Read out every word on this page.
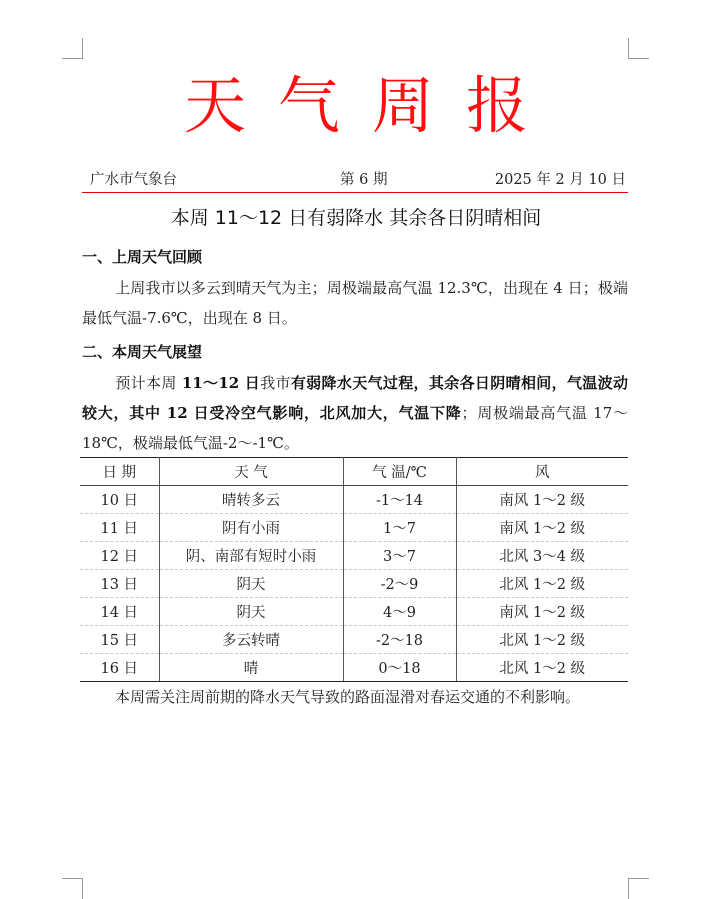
天气周报
广水市气象台	第 6 期	2025 年 2 月 10 日
本周 11～12 日有弱降水 其余各日阴晴相间
一、上周天气回顾
上周我市以多云到晴天气为主；周极端最高气温 12.3℃，出现在 4 日；极端最低气温-7.6℃，出现在 8 日。
二、本周天气展望
预计本周 11～12 日我市有弱降水天气过程，其余各日阴晴相间，气温波动较大，其中 12 日受冷空气影响，北风加大，气温下降；周极端最高气温 17～18℃，极端最低气温-2～-1℃。
日 期	天 气	气 温/℃	风
10 日	晴转多云	-1～14	南风 1～2 级
11 日	阴有小雨	1～7	南风 1～2 级
12 日	阴、南部有短时小雨	3～7	北风 3～4 级
13 日	阴天	-2～9	北风 1～2 级
14 日	阴天	4～9	南风 1～2 级
15 日	多云转晴	-2～18	北风 1～2 级
16 日	晴	0～18	北风 1～2 级
本周需关注周前期的降水天气导致的路面湿滑对春运交通的不利影响。
